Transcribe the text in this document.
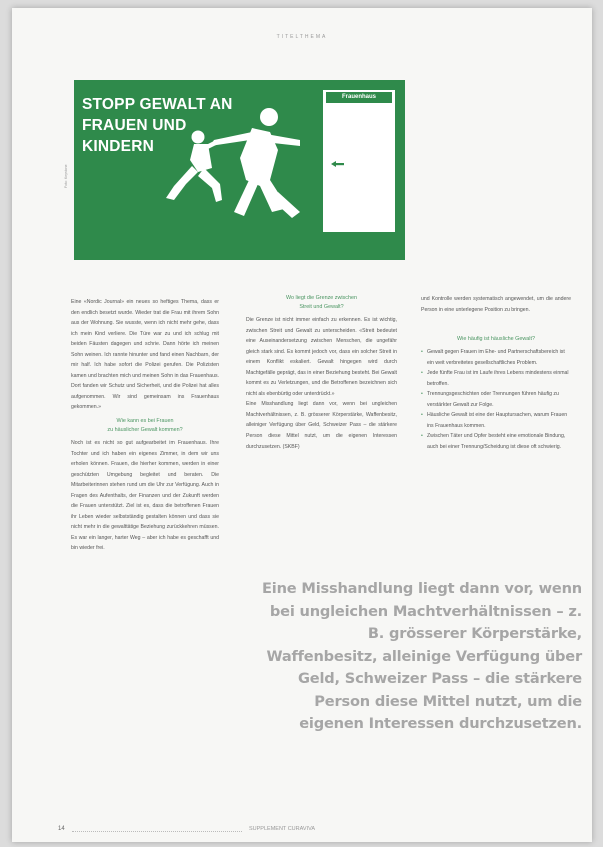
TITELTHEMA
Foto: Keystone
STOPP GEWALT AN FRAUEN UND KINDERN
Frauenhaus

Eine «Nordic Journal» ein neues so heftiges Thema, dass er den endlich besetzt wurde. Wieder trat die Frau mit ihrem Sohn aus der Wohnung. Sie wusste, wenn ich nicht mehr gehe, dass ich mein Kind verliere. Die Türe war zu und ich schlug mit beiden Fäusten dagegen und schrie. Dann hörte ich meinen Sohn weinen. Ich rannte hinunter und fand einen Nachbarn, der mir half. Ich habe sofort die Polizei gerufen. Die Polizisten kamen und brachten mich und meinen Sohn in das Frauenhaus. Dort fanden wir Schutz und Sicherheit, und die Polizei hat alles aufgenommen. Wir sind gemeinsam ins Frauenhaus gekommen.»

Wie kann es bei Frauen
zu häuslicher Gewalt kommen?

Noch ist es nicht so gut aufgearbeitet im Frauenhaus. Ihre Tochter und ich haben ein eigenes Zimmer, in dem wir uns erholen können. Frauen, die hierher kommen, werden in einer geschützten Umgebung begleitet und beraten. Die Mitarbeiterinnen stehen rund um die Uhr zur Verfügung. Auch in Fragen des Aufenthalts, der Finanzen und der Zukunft werden die Frauen unterstützt. Ziel ist es, dass die betroffenen Frauen ihr Leben wieder selbstständig gestalten können und dass sie nicht mehr in die gewalttätige Beziehung zurückkehren müssen. Es war ein langer, harter Weg – aber ich habe es geschafft und bin wieder frei.

Wo liegt die Grenze zwischen
Streit und Gewalt?

Die Grenze ist nicht immer einfach zu erkennen. Es ist wichtig, zwischen Streit und Gewalt zu unterscheiden. «Streit bedeutet eine Auseinandersetzung zwischen Menschen, die ungefähr gleich stark sind. Es kommt jedoch vor, dass ein solcher Streit in einem Konflikt eskaliert. Gewalt hingegen wird durch Machtgefälle geprägt, das in einer Beziehung besteht. Bei Gewalt kommt es zu Verletzungen, und die Betroffenen bezeichnen sich nicht als ebenbürtig oder unterdrückt.»

Eine Misshandlung liegt dann vor, wenn bei ungleichen Machtverhältnissen, z. B. grösserer Körperstärke, Waffenbesitz, alleiniger Verfügung über Geld, Schweizer Pass – die stärkere Person diese Mittel nutzt, um die eigenen Interessen durchzusetzen. (SKBF)

und Kontrolle werden systematisch angewendet, um die andere Person in eine unterlegene Position zu bringen.

Wie häufig ist häusliche Gewalt?
• Gewalt gegen Frauen im Ehe- und Partnerschaftsbereich ist ein weit verbreitetes gesellschaftliches Problem.
• Jede fünfte Frau ist im Laufe ihres Lebens mindestens einmal betroffen.
• Trennungsgeschichten oder Trennungen führen häufig zu verstärkter Gewalt zur Folge.
• Häusliche Gewalt ist eine der Hauptursachen, warum Frauen ins Frauenhaus kommen.
• Zwischen Täter und Opfer besteht eine emotionale Bindung, auch bei einer Trennung/Scheidung ist diese oft schwierig.
Eine Misshandlung liegt dann vor, wenn bei ungleichen Machtverhältnissen – z. B. grösserer Körperstärke, Waffenbesitz, alleinige Verfügung über Geld, Schweizer Pass – die stärkere Person diese Mittel nutzt, um die eigenen Interessen durchzusetzen.
14	SUPPLEMENT CURAVIVA
